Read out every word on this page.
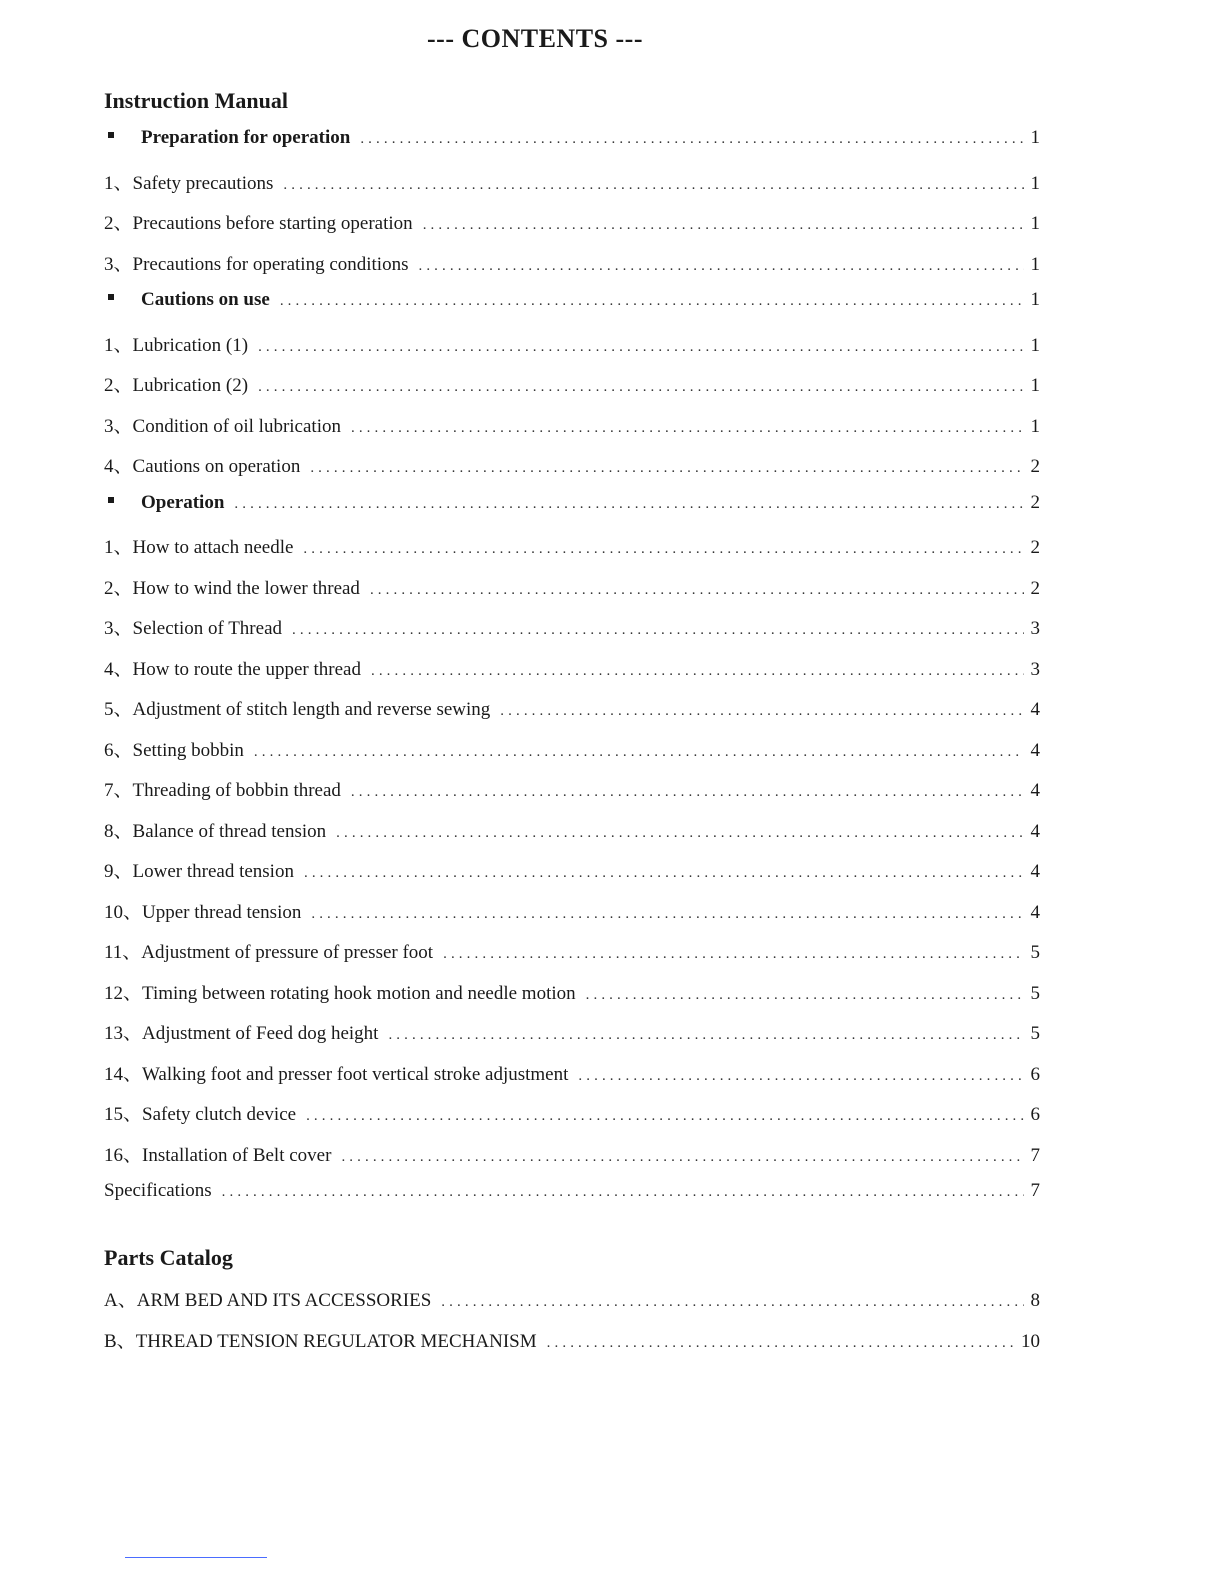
--- CONTENTS ---
Instruction Manual
Preparation for operation .....	1
1、 Safety precautions .....	1
2、 Precautions before starting operation .....	1
3、 Precautions for operating conditions .....	1
Cautions on use .....	1
1、 Lubrication (1) .....	1
2、 Lubrication (2) .....	1
3、 Condition of oil lubrication .....	1
4、 Cautions on operation .....	2
Operation .....	2
1、 How to attach needle .....	2
2、 How to wind the lower thread .....	2
3、 Selection of Thread .....	3
4、 How to route the upper thread .....	3
5、 Adjustment of stitch length and reverse sewing .....	4
6、 Setting bobbin .....	4
7、 Threading of bobbin thread .....	4
8、 Balance of thread tension .....	4
9、 Lower thread tension .....	4
10、 Upper thread tension .....	4
11、 Adjustment of pressure of presser foot .....	5
12、 Timing between rotating hook motion and needle motion .....	5
13、 Adjustment of Feed dog height .....	5
14、 Walking foot and presser foot vertical stroke adjustment .....	6
15、 Safety clutch device .....	6
16、 Installation of Belt cover .....	7
Specifications .....	7
Parts Catalog
A、 ARM BED AND ITS ACCESSORIES .....	8
B、 THREAD TENSION REGULATOR MECHANISM .....	10
